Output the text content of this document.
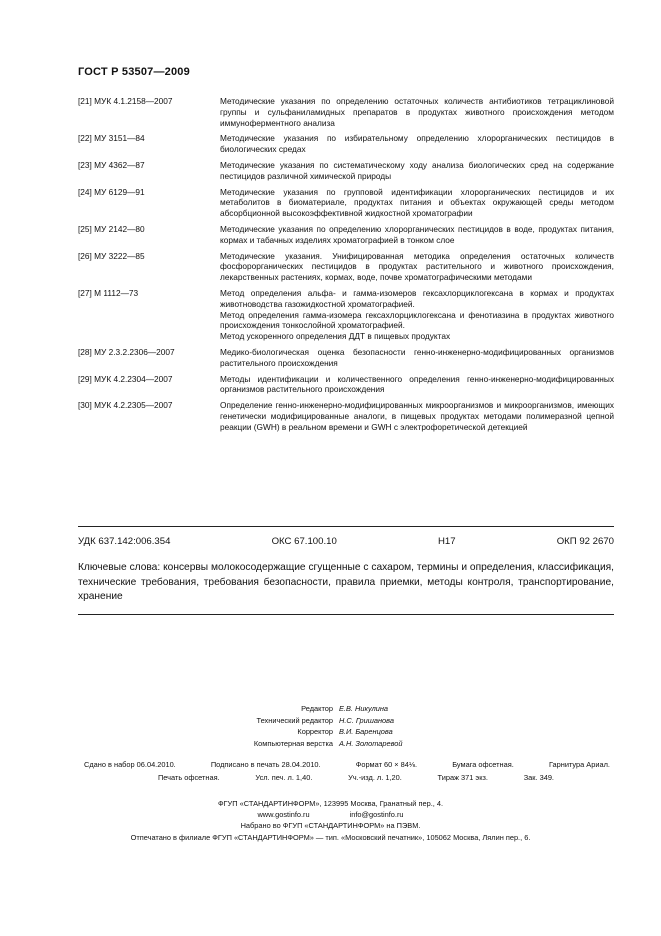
ГОСТ Р 53507—2009
[21] МУК 4.1.2158—2007	Методические указания по определению остаточных количеств антибиотиков тетрациклиновой группы и сульфаниламидных препаратов в продуктах животного происхождения методом иммуноферментного анализа

[22] МУ 3151—84	Методические указания по избирательному определению хлорорганических пестицидов в биологических средах

[23] МУ 4362—87	Методические указания по систематическому ходу анализа биологических сред на содержание пестицидов различной химической природы

[24] МУ 6129—91	Методические указания по групповой идентификации хлорорганических пестицидов и их метаболитов в биоматериале, продуктах питания и объектах окружающей среды методом абсорбционной высокоэффективной жидкостной хроматографии

[25] МУ 2142—80	Методические указания по определению хлорорганических пестицидов в воде, продуктах питания, кормах и табачных изделиях хроматографией в тонком слое

[26] МУ 3222—85	Методические указания. Унифицированная методика определения остаточных количеств фосфорорганических пестицидов в продуктах растительного и животного происхождения, лекарственных растениях, кормах, воде, почве хроматографическими методами

[27] М 1112—73	Метод определения альфа- и гамма-изомеров гексахлорциклогексана в кормах и продуктах животноводства газожидкостной хроматографией.

Метод определения гамма-изомера гексахлорциклогексана и фенотиазина в продуктах животного происхождения тонкослойной хроматографией.

Метод ускоренного определения ДДТ в пищевых продуктах

[28] МУ 2.3.2.2306—2007	Медико-биологическая оценка безопасности генно-инженерно-модифицированных организмов растительного происхождения

[29] МУК 4.2.2304—2007	Методы идентификации и количественного определения генно-инженерно-модифицированных организмов растительного происхождения

[30] МУК 4.2.2305—2007	Определение генно-инженерно-модифицированных микроорганизмов и микроорганизмов, имеющих генетически модифицированные аналоги, в пищевых продуктах методами полимеразной цепной реакции (GWH) в реальном времени и GWH с электрофоретической детекцией

УДК 637.142:006.354	ОКС 67.100.10	Н17	ОКП 92 2670

Ключевые слова: консервы молокосодержащие сгущенные с сахаром, термины и определения, классификация, технические требования, требования безопасности, правила приемки, методы контроля, транспортирование, хранение

Редактор Е.В. Никулина
Технический редактор Н.С. Гришанова
Корректор В.И. Баренцова
Компьютерная верстка А.Н. Золотаревой
Сдано в набор 06.04.2010.	Подписано в печать 28.04.2010.	Формат 60 × 84⅛.	Бумага офсетная.	Гарнитура Ариал.
Печать офсетная.	Усл. печ. л. 1,40.	Уч.-изд. л. 1,20.	Тираж 371 экз.	Зак. 349.
ФГУП «СТАНДАРТИНФОРМ», 123995 Москва, Гранатный пер., 4.
www.gostinfo.ru	info@gostinfo.ru
Набрано во ФГУП «СТАНДАРТИНФОРМ» на ПЭВМ.
Отпечатано в филиале ФГУП «СТАНДАРТИНФОРМ» — тип. «Московский печатник», 105062 Москва, Лялин пер., 6.
